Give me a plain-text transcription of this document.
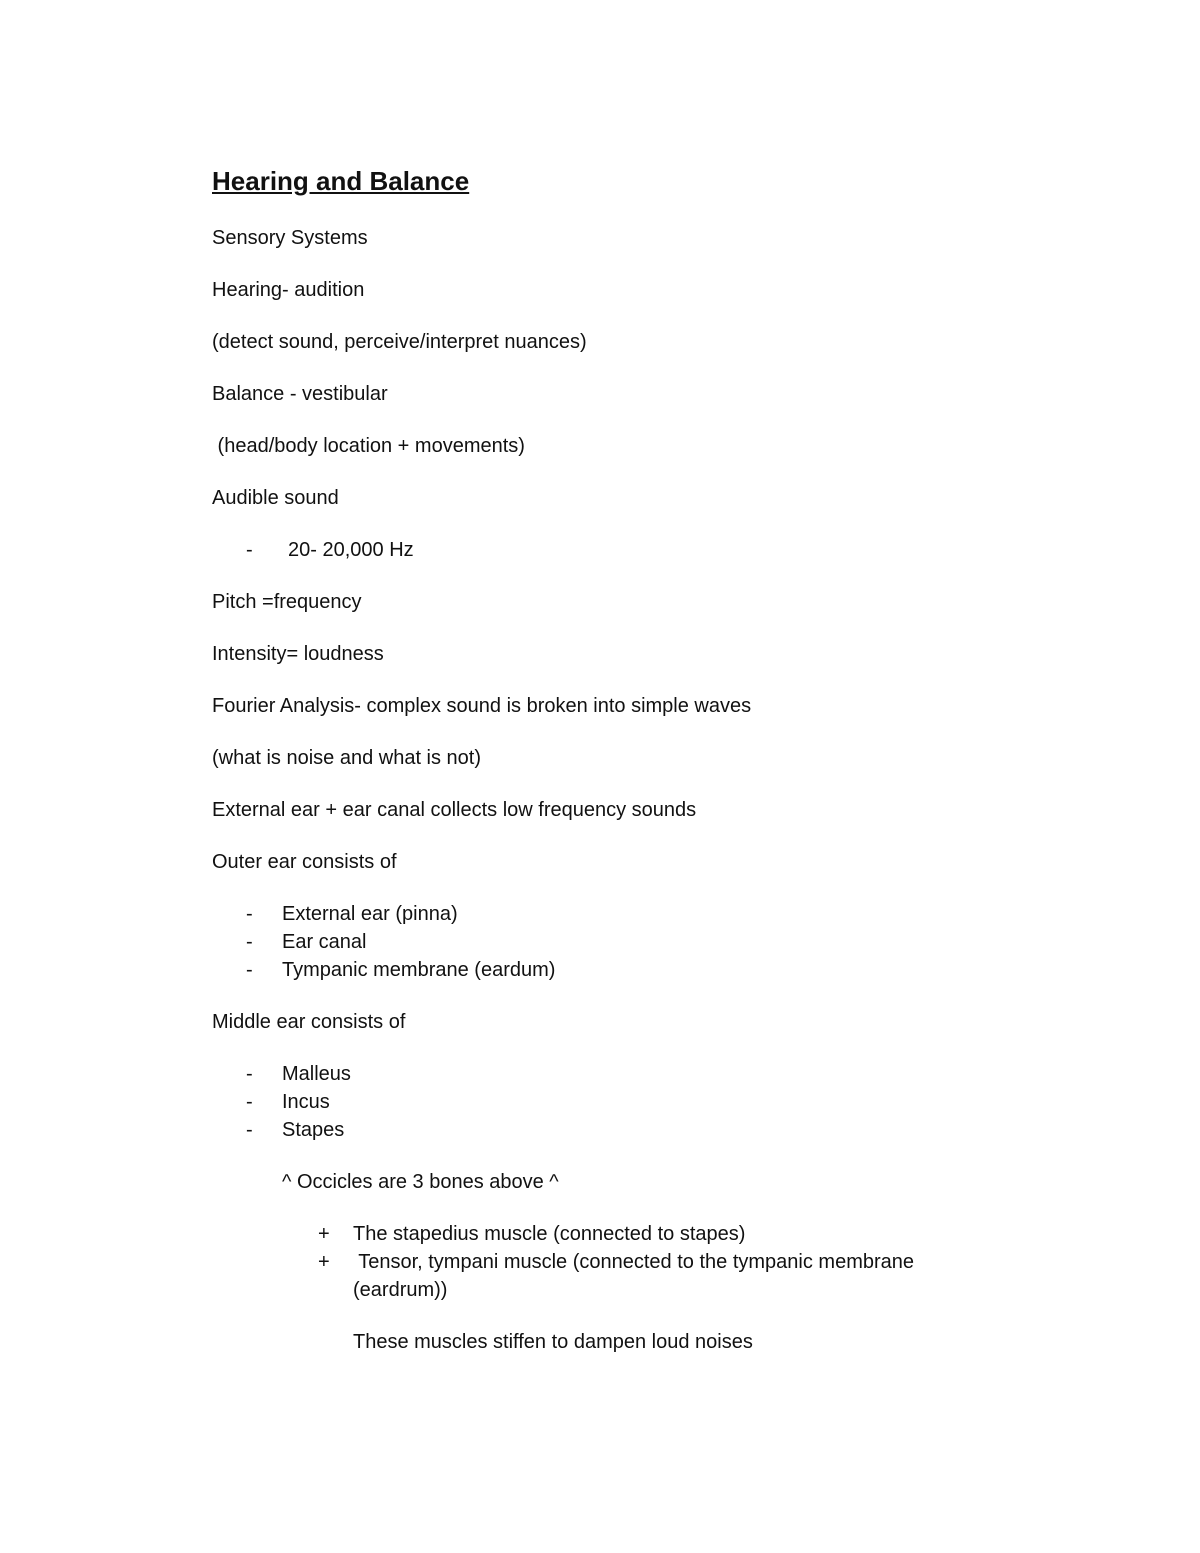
Hearing and Balance
Sensory Systems
Hearing- audition
(detect sound, perceive/interpret nuances)
Balance - vestibular
(head/body location + movements)
Audible sound
- 20- 20,000 Hz
Pitch =frequency
Intensity= loudness
Fourier Analysis- complex sound is broken into simple waves
(what is noise and what is not)
External ear + ear canal collects low frequency sounds
Outer ear consists of
- External ear (pinna)
- Ear canal
- Tympanic membrane (eardum)
Middle ear consists of
- Malleus
- Incus
- Stapes
^ Occicles are 3 bones above ^
+ The stapedius muscle (connected to stapes)
+ Tensor, tympani muscle (connected to the tympanic membrane
(eardrum))
These muscles stiffen to dampen loud noises
